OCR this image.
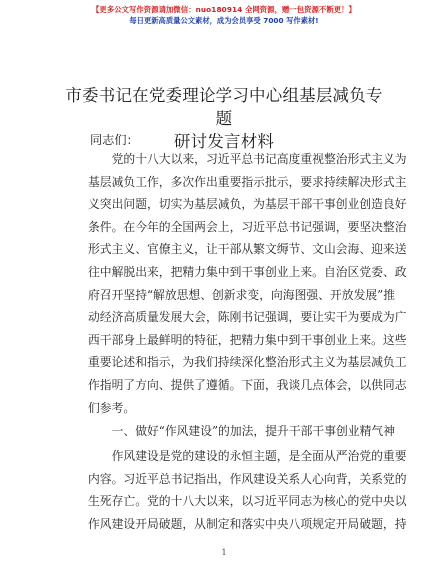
【更多公文写作资源请加微信：nuo180914 全网资源，赠一包资源不断更！】
每日更新高质量公文素材，成为会员享受 7000 写作素材!
市委书记在党委理论学习中心组基层减负专题
研讨发言材料
同志们：
　　党的十八大以来，习近平总书记高度重视整治形式主义为
基层减负工作，多次作出重要指示批示，要求持续解决形式主
义突出问题，切实为基层减负，为基层干部干事创业创造良好
条件。在今年的全国两会上，习近平总书记强调，要坚决整治
形式主义、官僚主义，让干部从繁文缛节、文山会海、迎来送
往中解脱出来，把精力集中到干事创业上来。自治区党委、政
府召开坚持“解放思想、创新求变，向海图强、开放发展”推
动经济高质量发展大会，陈刚书记强调，要让实干为要成为广
西干部身上最鲜明的特征，把精力集中到干事创业上来。这些
重要论述和指示，为我们持续深化整治形式主义为基层减负工
作指明了方向、提供了遵循。下面，我谈几点体会，以供同志
们参考。
　　一、做好“作风建设”的加法，提升干部干事创业精气神
　　作风建设是党的建设的永恒主题，是全面从严治党的重要
内容。习近平总书记指出，作风建设关系人心向背，关系党的
生死存亡。党的十八大以来，以习近平同志为核心的党中央以
作风建设开局破题，从制定和落实中央八项规定开局破题，持
1
